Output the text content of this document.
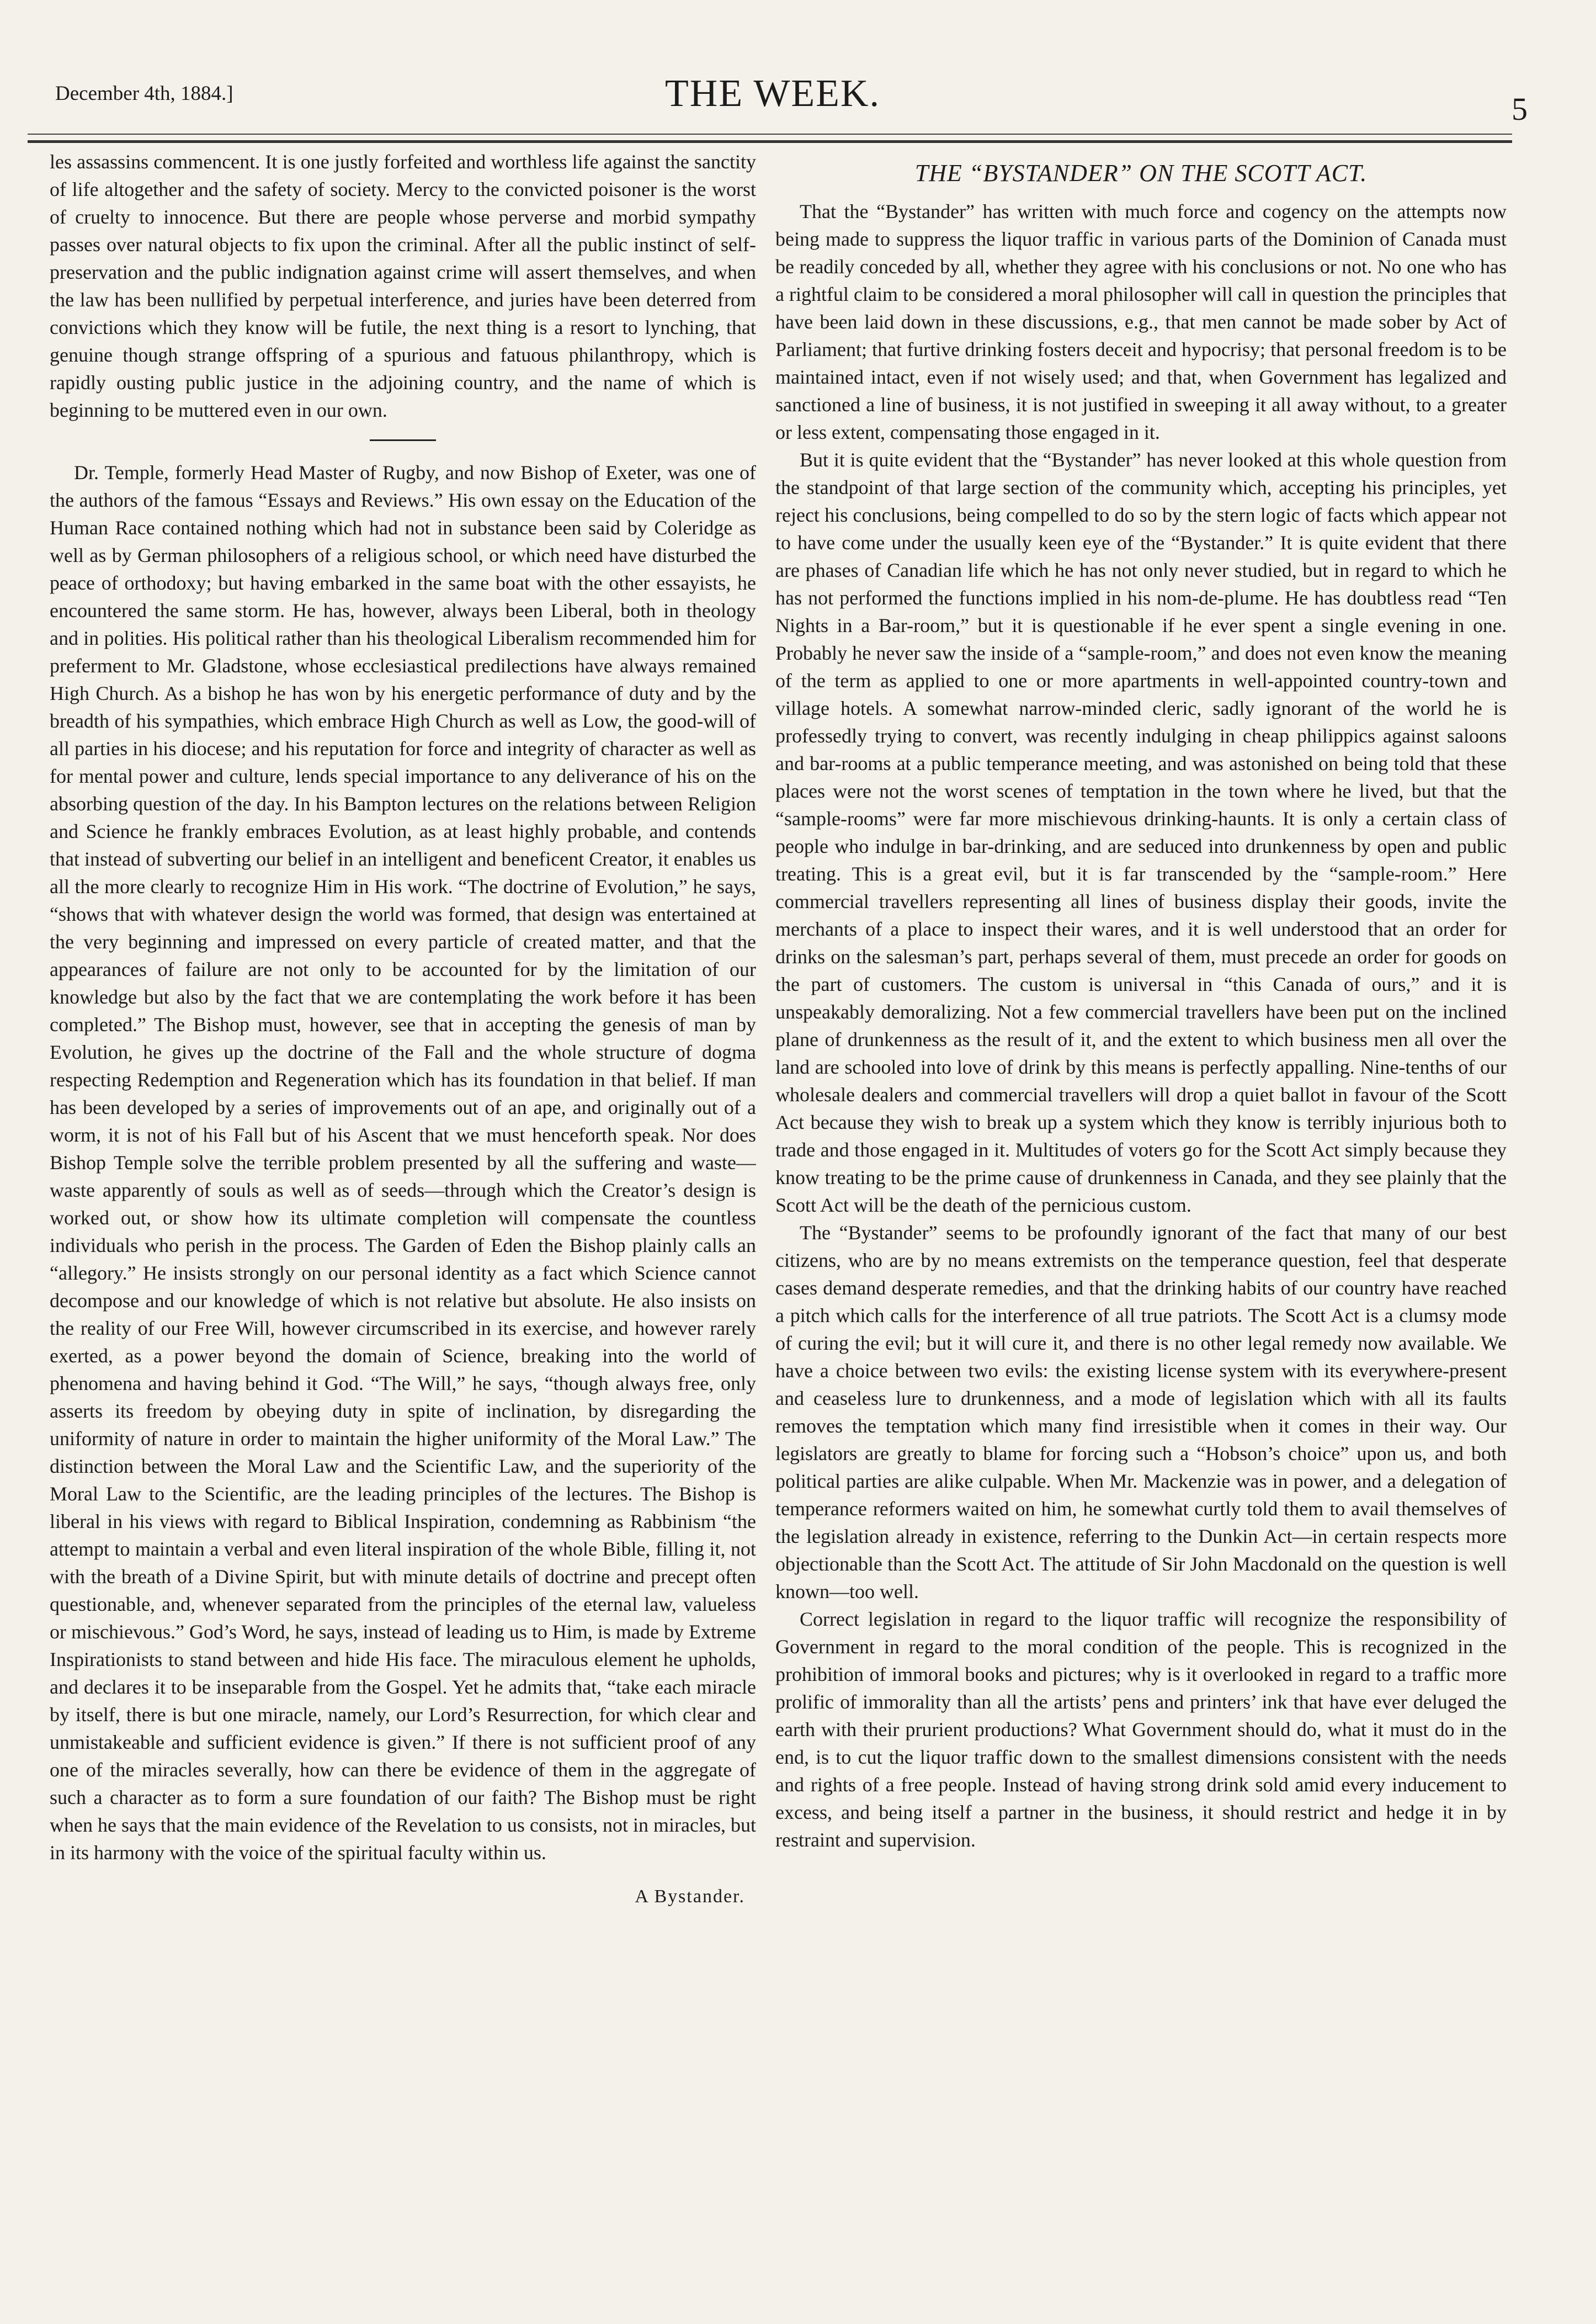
December 4th, 1884.]	THE WEEK.	5

les assassins commencent. It is one justly forfeited and worthless life against the sanctity of life altogether and the safety of society. Mercy to the convicted poisoner is the worst of cruelty to innocence. But there are people whose perverse and morbid sympathy passes over natural objects to fix upon the criminal. After all the public instinct of self-preservation and the public indignation against crime will assert themselves, and when the law has been nullified by perpetual interference, and juries have been deterred from convictions which they know will be futile, the next thing is a resort to lynching, that genuine though strange offspring of a spurious and fatuous philanthropy, which is rapidly ousting public justice in the adjoining country, and the name of which is beginning to be muttered even in our own.

Dr. Temple, formerly Head Master of Rugby, and now Bishop of Exeter, was one of the authors of the famous “Essays and Reviews.” His own essay on the Education of the Human Race contained nothing which had not in substance been said by Coleridge as well as by German philosophers of a religious school, or which need have disturbed the peace of orthodoxy; but having embarked in the same boat with the other essayists, he encountered the same storm. He has, however, always been Liberal, both in theology and in polities. His political rather than his theological Liberalism recommended him for preferment to Mr. Gladstone, whose ecclesiastical predilections have always remained High Church. As a bishop he has won by his energetic performance of duty and by the breadth of his sympathies, which embrace High Church as well as Low, the good-will of all parties in his diocese; and his reputation for force and integrity of character as well as for mental power and culture, lends special importance to any deliverance of his on the absorbing question of the day. In his Bampton lectures on the relations between Religion and Science he frankly embraces Evolution, as at least highly probable, and contends that instead of subverting our belief in an intelligent and beneficent Creator, it enables us all the more clearly to recognize Him in His work. “The doctrine of Evolution,” he says, “shows that with whatever design the world was formed, that design was entertained at the very beginning and impressed on every particle of created matter, and that the appearances of failure are not only to be accounted for by the limitation of our knowledge but also by the fact that we are contemplating the work before it has been completed.” The Bishop must, however, see that in accepting the genesis of man by Evolution, he gives up the doctrine of the Fall and the whole structure of dogma respecting Redemption and Regeneration which has its foundation in that belief. If man has been developed by a series of improvements out of an ape, and originally out of a worm, it is not of his Fall but of his Ascent that we must henceforth speak. Nor does Bishop Temple solve the terrible problem presented by all the suffering and waste—waste apparently of souls as well as of seeds—through which the Creator’s design is worked out, or show how its ultimate completion will compensate the countless individuals who perish in the process. The Garden of Eden the Bishop plainly calls an “allegory.” He insists strongly on our personal identity as a fact which Science cannot decompose and our knowledge of which is not relative but absolute. He also insists on the reality of our Free Will, however circumscribed in its exercise, and however rarely exerted, as a power beyond the domain of Science, breaking into the world of phenomena and having behind it God. “The Will,” he says, “though always free, only asserts its freedom by obeying duty in spite of inclination, by disregarding the uniformity of nature in order to maintain the higher uniformity of the Moral Law.” The distinction between the Moral Law and the Scientific Law, and the superiority of the Moral Law to the Scientific, are the leading principles of the lectures. The Bishop is liberal in his views with regard to Biblical Inspiration, condemning as Rabbinism “the attempt to maintain a verbal and even literal inspiration of the whole Bible, filling it, not with the breath of a Divine Spirit, but with minute details of doctrine and precept often questionable, and, whenever separated from the principles of the eternal law, valueless or mischievous.” God’s Word, he says, instead of leading us to Him, is made by Extreme Inspirationists to stand between and hide His face. The miraculous element he upholds, and declares it to be inseparable from the Gospel. Yet he admits that, “take each miracle by itself, there is but one miracle, namely, our Lord’s Resurrection, for which clear and unmistakeable and sufficient evidence is given.” If there is not sufficient proof of any one of the miracles severally, how can there be evidence of them in the aggregate of such a character as to form a sure foundation of our faith? The Bishop must be right when he says that the main evidence of the Revelation to us consists, not in miracles, but in its harmony with the voice of the spiritual faculty within us.

A Bystander.
THE “BYSTANDER” ON THE SCOTT ACT.

That the “Bystander” has written with much force and cogency on the attempts now being made to suppress the liquor traffic in various parts of the Dominion of Canada must be readily conceded by all, whether they agree with his conclusions or not. No one who has a rightful claim to be considered a moral philosopher will call in question the principles that have been laid down in these discussions, e.g., that men cannot be made sober by Act of Parliament; that furtive drinking fosters deceit and hypocrisy; that personal freedom is to be maintained intact, even if not wisely used; and that, when Government has legalized and sanctioned a line of business, it is not justified in sweeping it all away without, to a greater or less extent, compensating those engaged in it.

But it is quite evident that the “Bystander” has never looked at this whole question from the standpoint of that large section of the community which, accepting his principles, yet reject his conclusions, being compelled to do so by the stern logic of facts which appear not to have come under the usually keen eye of the “Bystander.” It is quite evident that there are phases of Canadian life which he has not only never studied, but in regard to which he has not performed the functions implied in his nom-de-plume. He has doubtless read “Ten Nights in a Bar-room,” but it is questionable if he ever spent a single evening in one. Probably he never saw the inside of a “sample-room,” and does not even know the meaning of the term as applied to one or more apartments in well-appointed country-town and village hotels. A somewhat narrow-minded cleric, sadly ignorant of the world he is professedly trying to convert, was recently indulging in cheap philippics against saloons and bar-rooms at a public temperance meeting, and was astonished on being told that these places were not the worst scenes of temptation in the town where he lived, but that the “sample-rooms” were far more mischievous drinking-haunts. It is only a certain class of people who indulge in bar-drinking, and are seduced into drunkenness by open and public treating. This is a great evil, but it is far transcended by the “sample-room.” Here commercial travellers representing all lines of business display their goods, invite the merchants of a place to inspect their wares, and it is well understood that an order for drinks on the salesman’s part, perhaps several of them, must precede an order for goods on the part of customers. The custom is universal in “this Canada of ours,” and it is unspeakably demoralizing. Not a few commercial travellers have been put on the inclined plane of drunkenness as the result of it, and the extent to which business men all over the land are schooled into love of drink by this means is perfectly appalling. Nine-tenths of our wholesale dealers and commercial travellers will drop a quiet ballot in favour of the Scott Act because they wish to break up a system which they know is terribly injurious both to trade and those engaged in it. Multitudes of voters go for the Scott Act simply because they know treating to be the prime cause of drunkenness in Canada, and they see plainly that the Scott Act will be the death of the pernicious custom.

The “Bystander” seems to be profoundly ignorant of the fact that many of our best citizens, who are by no means extremists on the temperance question, feel that desperate cases demand desperate remedies, and that the drinking habits of our country have reached a pitch which calls for the interference of all true patriots. The Scott Act is a clumsy mode of curing the evil; but it will cure it, and there is no other legal remedy now available. We have a choice between two evils: the existing license system with its everywhere-present and ceaseless lure to drunkenness, and a mode of legislation which with all its faults removes the temptation which many find irresistible when it comes in their way. Our legislators are greatly to blame for forcing such a “Hobson’s choice” upon us, and both political parties are alike culpable. When Mr. Mackenzie was in power, and a delegation of temperance reformers waited on him, he somewhat curtly told them to avail themselves of the legislation already in existence, referring to the Dunkin Act—in certain respects more objectionable than the Scott Act. The attitude of Sir John Macdonald on the question is well known—too well.

Correct legislation in regard to the liquor traffic will recognize the responsibility of Government in regard to the moral condition of the people. This is recognized in the prohibition of immoral books and pictures; why is it overlooked in regard to a traffic more prolific of immorality than all the artists’ pens and printers’ ink that have ever deluged the earth with their prurient productions? What Government should do, what it must do in the end, is to cut the liquor traffic down to the smallest dimensions consistent with the needs and rights of a free people. Instead of having strong drink sold amid every inducement to excess, and being itself a partner in the business, it should restrict and hedge it in by restraint and supervision.
